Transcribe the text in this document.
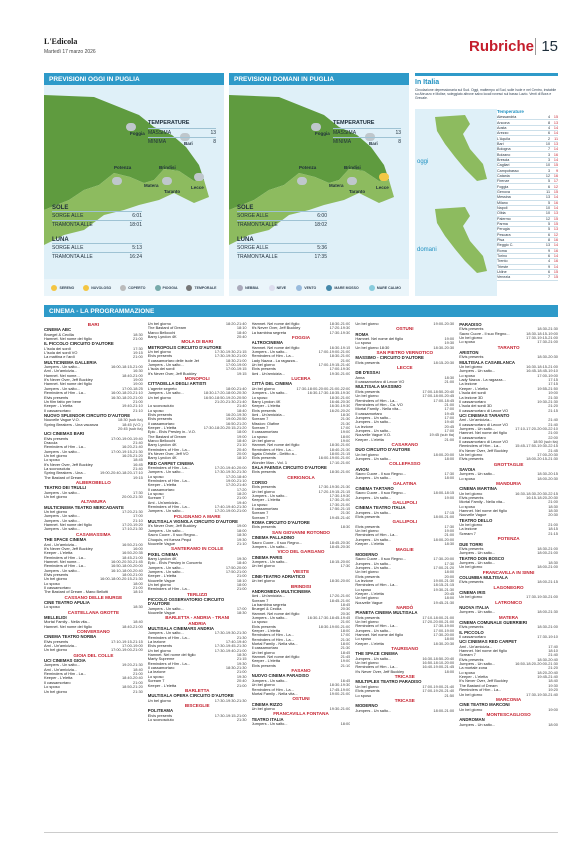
L'Edicola
Martedì 17 marzo 2026	Rubriche 15
PREVISIONI OGGI IN PUGLIA
Foggia
Bari
Potenza	Brindisi
Matera
Taranto
Lecce
TEMPERATURE
MASSIMA	13
MINIMA	8
SOLE
SORGE ALLE	6:01
TRAMONTA ALLE	18:01
LUNA
SORGE ALLE	5:13
TRAMONTA ALLE	16:24
SERENO	NUVOLOSO	COPERTO	PIOGGIA	TEMPORALE
PREVISIONI DOMANI IN PUGLIA
Foggia
Bari
Potenza	Brindisi
Matera
Taranto
Lecce
TEMPERATURE
MASSIMA	13
MINIMA	8
SOLE
SORGE ALLE	6:00
TRAMONTA ALLE	18:02
LUNA
SORGE ALLE	5:36
TRAMONTA ALLE	17:35
NEBBIA	NEVE	VENTO	MARE MOSSO	MARE CALMO
In Italia
Circolazione depressionaria sul Sud. Oggi, maltempo al Sud, sulle Isole e nel Centro, instabile su Abruzzo e Molise, soleggiato altrove salvo locali rovesci sul basso Lazio. Venti di Bora e Grecale.
oggi
domani
Temperature
Alessandria	4	15
Ancona	8	13
Aosta	4	14
Arezzo	6	14
L'Aquila	2	11
Bari	10	13
Bologna	7	14
Bolzano	3	16
Brescia	3	14
Cagliari	10	15
Campobasso	3	9
Catania	12	16
Firenze	5	17
Foggia	6	12
Genova	11	15
Messina	13	14
Milano	5	16
Napoli	10	14
Olbia	10	13
Palermo	12	15
Parma	5	15
Perugia	5	13
Pescara	6	12
Pisa	8	16
Reggio C.	13	14
Roma	9	16
Torino	6	14
Trento	4	16
Trieste	9	14
Udine	6	15
Venezia	7	15
CINEMA - LA PROGRAMMAZIONE
BARI
CINEMA ABC
Bruegel & Cecilia	18:30
Hamnet. Nel nome del figlio	21:00
IL PICCOLO CIRCUITO D'AUTORE
L'isola dei sordi	17:30
L'isola dei sordi VO	19:15
La mattina e l'ardi	21:00
MULTICINEMA GALLERIA
Jumpers - Un salto...	16:00-18:15-21:00
Ami - Un'amicizia...	16:30
Hamnet. Nel nome...	18:40-21:00
It's Never Over, Jeff Buckley	19:00
Hamnet. Nel nome del figlio	19:00
Jumpers - Un salto...	17:00-18:25
Reminders of Him - La...	16:00-18:20-21:10
Elvis presents	16:30-18:20-21:00
Un film fatto per bene	21:00
Keeper - L'eletta	19:40-21:10
Il cassamortaro	21:10
NUOVO SPLENDOR CIRCUITO D'AUTORE
Nouvelle Vague V.O.	18:30 (sub ita)
Spring Breakers - Una vacanza	18:45 (V.O.)
20:45 (sub ita)
UCI CINEMAS BARI
Elvis presents	17:00-19:00-19:40
Dracula	21:40
Reminders of Him - La...	16:20-21:40
Jumpers - Un salto...	17:00-19:15-21:30
Un bel giorno	16:25-21:20
Lo sposo	18:45
It's Never Over, Jeff Buckley	16:45
La sconosciuta	21:40
Spring Breakers - Una...	19:00-20:40-18:20-17:10
The Bastard of Dream	19:15
ALBEROBELLO
TEATRO DEI TRULLI
Jumpers - Un salto...	17:30
Un bel giorno	20:00-21:30
ALTAMURA
MULTICINEMA TEATRO MERCADANTE
Un bel giorno	17:20-21:30
Jumpers - Un salto...	17:00
Jumpers - Un salto...	21:10
Hamnet. Nel nome del figlio	17:20-19:20
Jumpers - Un salto...	17:10-21:30
CASAMASSIMA
THE SPACE CINEMA
Ami - Un'amicizia...	16:50-21:00
It's Never Over, Jeff Buckley	16:00
Keeper - L'eletta	16:50-20:35
Reminders of Him - La...	18:45-21:00
Hamnet. Nel nome...	16:00-20:30-21:45
Reminders of Him - La...	16:50-18:00-20:00
Jumpers - Un salto...	16:10-18:00-20:40
Elvis presents	18:00-21:00
Un bel giorno	16:00-18:00-20:15-21:30
Lo sposo	18:00
Il cassamortaro	21:00
The Bastard of Dream - Mano Bellotti	18:10
CASSANO DELLE MURGE
CINE TEATRO APULIA
Lo sposo	18:30
CASTELLANA GROTTE
MELLELIDI
Mortal Family - Nella vita...	18:40
Hamnet. Nel nome del figlio	18:40-21:00
CONVERSANO
CINEMA TEATRO NORBA
Elvis presents	17:10-19:15-21:15
Ami - Un'amicizia...	17:00-19:00
Un bel giorno	17:00-19:00-21:00
GIOIA DEL COLLE
UCI CINEMAS GIOIA
Jumpers - Un salto...	19:20-21:30
Ami - Un'amicizia...	18:40
Reminders of Him - La...	21:00
Keeper - L'eletta	18:40-20:40
Il cassamortaro	21:00
Lo sposo	18:50-21:20
Un bel giorno	21:30
Un bel giorno	18:20-21:40
The Bastard of Dream	18:10
Marco Bellocchi	18:40
Barry Lyndon 4K	20:40
MOLA DI BARI
METROPOLIS CIRCUITO D'AUTORE
Un bel giorno	17:30-19:30-21:15
Elvis presents	17:30-19:30-21:00
Il cassamortaro delle isole Jet	18:30-21:00
Jumpers - Un salto...	17:00-19:00
L'isola dei sordi	17:00-19:15
It's Never Over, Jeff Buckley	19:15
MONOPOLI
CITTADELLA DEGLI ARTISTI
L'agente segreto	18:00-21:40
Jumpers - Un salto...	18:30-17:20-18:00-20:30
Un bel giorno	16:50-18:50-19:20-20:50
21:20-21:30-21:40
Lo sconosciuto	21:40
Lo sposo	18:40
Elvis presents	16:20-19:30
Elvis presents	19:00-20:50
Il cassamortaro	16:50-21:20
Keeper - L'eletta	17:30-18:20-20:15-21:20
Epic - Elvis Presley in...V.O.	18:00
The Bastard of Dream	19:00
Marco Bellocchi	18:40
Barry Lyndon 4K	21:10
Reminders of Him - La...	20:40
It's Never Over, Jeff VO	20:00
Barry Lyndon 4K	18:10
RED CARPET CINEMA
Reminders of Him - La...	17:20-19:40-20:00
Jumpers - Un salto...	17:30-19:30-21:30
Lo sposo	17:20-18:40
Reminders of Him - La...	19:00-21:10
Keeper - L'eletta	17:20-21:40
Il cassamortaro	17:20
Lo sposo	18:20
Scream 7	21:00
Ami - Un'amicizia...	19:40
Reminders of Him - La...	17:40-19:40-21:30
Jumpers - Un salto...	17:20-19:00-21:00
POLIGNANO A MARE
MULTISALA VIGNOLA CIRCUITO D'AUTORE
It's Never Over, Jeff Buckley	19:00
Jumpers - Un salto...	18:00
Sacro Cuore - Il suo Regno...	18:30
Chuquis, mi fuerza Pequi	19:30
Nouvelle Vague	21:10
SANTERAMO IN COLLE
PIXEL CINEMA
Barry Lyndon 4K	19:30
Epic - Elvis Presley in Concerto	18:40
Jumpers - Un salto...	17:50-20:00
Jumpers - Un salto...	17:50-21:00
Keeper - L'eletta	21:00
Nouvelle Vague	18:10
Un bel giorno	18:00
Reminders of Him - La...	21:00
TERLIZZI
PICCOLO OSSERVATORIO CIRCUITO D'AUTORE
Jumpers - Un salto...	17:00
Nouvelle Vague	18:30
BARLETTA - ANDRIA - TRANI
ANDRIA
MULTISALA CINEMARS ANDRIA
Jumpers - Un salto...	17:30-19:30-21:30
Reminders of Him - La...	21:30
La lezione	17:40-19:40
Elvis presents	17:30-19:45-21:30
Un bel giorno	17:30-19:40-21:00
Hamnet. Nel nome del figlio	18:30
Marty Supreme	21:15
Reminders of Him - La...	19:30
Il cassamortaro	18:30-21:30
La lezione	21:00
Lo sposo	19:30
Scream 7	20:40
Keeper - L'eletta	21:00
BARLETTA
MULTISALA OPERA CIRCUITO D'AUTORE
Un bel giorno	17:30-19:30-21:30
BISCEGLIE
POLITEAMA
Elvis presents	17:30-19:15-21:00
Lo sconosciuto	21:30
Hamnet. Nel nome del figlio	18:30-21:00
It's Never Over, Jeff Buckley	17:20-19:30
La bambina segreta	17:30-19:30
FOGGIA
ALTROCINEMA
Hamnet. Nel nome del figlio	16:30-19:15
Jumpers - Un salto...	17:00-19:00-21:00
Reminders of Him - La...	18:30-21:00
Lady Nazca - La ragazza...	21:00
Un bel giorno	17:00-19:15-21:40
Elvis presents	17:00-19:30
Ami - Un'amicizia...	19:30-21:00
LUCERA
CITTÀ DEL CINEMA
Un bel giorno	17:30-18:00-20:00-21:00-22:00
Jumpers - Un salto...	16:30-17:30-18:35-19:30
Lo sposo	18:30-21:00
Barry Lyndon 4K	16:46-20:30
Keeper - L'eletta	16:30-19:30
Elvis presents	16:20-20:20
Ami - Un'amicizia...	18:30
Scream 7	21:30
Mission: Olafine	21:30
Scream 7	17:00
Il cassamortaro	19:00
Lo sposo	18:00
Un bel giorno	19:00
Hamnet. Nel nome del figlio	18:30-21:00
Reminders of Him - La...	18:40-21:30
Agata Christie - Delitto a...	18:00-21:15
Elvis presents	16:00-19:00-21:00
Wonder Man - Vol. 1	17:10-21:00
SALA FAENSA CIRCUITO D'AUTORE
Elvis presents	18:30-21:00
CERIGNOLA
CORSO
Elvis presents	17:30-19:30-21:30
Un bel giorno	17:20-19:15-21:15
Jumpers - Un salto...	17:30-19:30
Keeper - L'eletta	17:30-21:00
Lo sposo	17:30-21:00
Il cassamortaro	17:50-21:15
Scream 7	21:30
Scream 7	19:45-21:40
ROMA CIRCUITO D'AUTORE
Elvis presents	18:30
SAN GIOVANNI ROTONDO
CINEMA PALLADINO
Sacro Cuore - Il suo Regno...	18:45-20:30
Jumpers - Un salto...	18:45-20:30
VICO DEL GARGANO
CINEMA PARIS
Jumpers - Un salto...	18:15-20:00
Un bel giorno	17:30
VIESTE
CINE-TEATRO ADRIATICO
Un bel giorno	18:30-20:00
BRINDISI
ANDROMEDA MULTICINEMA
Ami - Un'amicizia...	17:20-21:00
Scream 7	18:45-21:00
La bambina segreta	18:45
Bruegel & Cecilia	20:30
Hamnet. Nel nome del figlio	20:30
Jumpers - Un salto...	16:30-17:30-18:45-19:45
Lo sposo	21:00
Elvis presents	18:30-19:00-21:00
Keeper - L'eletta	18:00
Reminders of Him - La...	17:00
Reminders of Him - La...	21:30
Mortal Family - Nella vita...	18:00
Il cassamortaro	21:30
Un bel giorno	18:45
Hamnet. Nel nome del figlio	21:45
Keeper - L'eletta	19:00
Elvis presents	21:10
FASANO
NUOVO CINEMA PARADISO
Jumpers - Un salto...	16:45
Un bel giorno	18:30-19:30
Reminders of Him - La...	17:45-19:00
Mortal Family - Nella vita...	19:00-21:00
OSTUNI
CINEMA RIZZO
Un bel giorno	19:30-21:00
FRANCAVILLA FONTANA
TEATRO ITALIA
Jumpers - Un salto...	18:00
Un bel giorno	19:00-20:30
OSTUNI
ROMA
Hamnet. Nel nome del figlio	19:00
Lo sposo	19:30
Un bel giorno 18:30	18:30-20:30
SAN PIETRO VERNOTICO
MASSIMO - CIRCUITO D'AUTORE
Elvis presents	18:15-20:30
LECCE
DB D'ESSAI
Anna	18:30
Il cassamortaro di Lecce VO	21:00
MULTISALA MASSIMO
Elvis presents	17:00-18:50-20:40
Un bel giorno	17:00-18:00-20:45
Reminders of Him - La...	17:00-18:45
Reminders of Him - Ca. VO	21:00
Mortal Family - Nella vita...	17:00
Il cassamortaro	19:45
Jumpers - Un salto...	17:00
Jumpers - Un salto...	19:40
La lezione	20:45
Jumpers - Un salto...	17:00
Nouvelle Vague V.O.	19:45 (sub ita)
Keeper - L'eletta	21:00
CASARANO
DUO CIRCUITO D'AUTORE
Un bel giorno	18:00-20:00
Jumpers - Un salto...	18:00
COLLEPASSO
AVION
Sacro Cuore - Il suo Regno...	17:30
Jumpers - Un salto...	18:00
GALATINA
CINEMA TARTARO
Sacro Cuore - Il suo Regno...	18:00-18:15
Jumpers - Un salto...	19:00
GALLIPOLI
CINEMA TEATRO ITALIA
Jumpers - Un salto...	17:15
Elvis presents	18:00-21:00
GALLIPOLI
Elvis presents	17:30
Un bel giorno	19:00
Reminders of Him - La...	21:00
Jumpers - Un salto...	18:00-20:00
Keeper - L'eletta	18:30
MAGLIE
MODERNO
Sacro Cuore - Il suo Regno...	17:30-20:00
Jumpers - Un salto...	17:30
Jumpers - Un salto...	17:00-21:20
Un bel giorno	18:00
Elvis presents	20:00
La lezione	19:00-21:30
Reminders of Him - La...	18:15-21:15
Lo sposo	19:30-21:30
Keeper - L'eletta	20:45
Un bel giorno	18:00
Nouvelle Vague	19:45-21:30
NARDÒ
PIANETA CINEMA MULTISALA
Elvis presents	17:10-18:00-21:00
Un bel giorno	17:20-20:00-21:00
Reminders of Him - La...	17:30-19:00
Jumpers - Un salto...	17:00-19:00
Hamnet. Nel nome del figlio	17:30-20:00
Lo sposo	18:00
Keeper - L'eletta	18:30-20:30
TAURISANO
THE SPACE CINEMA
Jumpers - Un salto...	16:30-18:50-20:40
Un bel giorno	16:50-18:10-20:00
Reminders of Him - La...	16:40-19:00-21:45
It's Never Over, Jeff Buckley	18:00
TRICASE
MULTIPLEX TEATRO PARADISO
Un bel giorno	17:00-19:00-21:40
Elvis presents	17:00-19:20-21:40
Lo sposo	21:50
TRICASE
MODERNO
Jumpers - Un salto...	18:00-21:00
PARADISO
Elvis presents	18:30-21:30
Sacro Cuore - Il suo Regno...	18:30-18:15-19:00
Un bel giorno	17:30-19:15-21:00
Lo sposo	17:30-21:00
TARANTO
ARISTON
Elvis presents	18:30-20:30
MULTISALA CASABLANCA
Un bel giorno	16:30-18:15-21:00
Jumpers - Un salto...	16:45-18:45-19:10
Lo sposo	17:00-19:00
Lady Nazca - La ragazza...	17:15
La lezione	17:15
Keeper - L'eletta	19:55-21:50
L'isola dei sordi	19:00
La lezione 3D	21:30
Il cassamortaro	19:30-21:30
L'isola dei sordi 3D	21:20
Il cassamortaro di Lecce VO	21:15
UCI CINEMAS TARANTO
Ami - Un'amicizia...	21:40
Il cassamortaro di Lecce VO	21:40
Jumpers - Un salto...	17:10-17:20-20:00-22:10
Hamnet. Nel nome del figlio	21:00
Il cassamortaro	22:00
Il cassamortaro di Lecce VO	18:50 (sub ita)
Reminders of Him - La...	15:45-17:50-19:30-22:15
It's Never Over, Jeff Buckley	21:45
Un bel giorno	17:00-20:30
Elvis presents	18:00-20:15-21:30
GROTTAGLIE
SAVOIA
Jumpers - Un salto...	18:30-20:15
Lo sposo	18:00-20:30
MANDURIA
CINEMA MARTINA
Un bel giorno	16:30-18:30-20:30-22:15
Elvis presents	16:15-18:20-20:30
Mortal Family - Nella vita...	21:00
Lo sposo	18:30
Hamnet. Nel nome del figlio	18:30
Nouvelle Vague	20:30
TEATRO DELLO
Un bel giorno	21:00
La lezione	18:15
Scream 7	21:15
POTENZA
DUE TORRI
Elvis presents	18:30-21:00
Jumpers - Un salto...	18:00-21:00
TEATRO DON BOSCO
Jumpers - Un salto...	18:30
Un bel giorno	18:00-21:00
FRANCAVILLA IN SINNI
COLUMBIA MULTISALA
Elvis presents	18:00-21:15
LAGONEGRO
CINEMA IRIS
Un bel giorno	17:30-19:30-21:00
LATRONICO
NUOVA ITALIA
Jumpers - Un salto...	18:00-21:30
MATERA
CINEMA COMUNALE GUERRIERI
Elvis presents	18:30-21:00
IL PICCOLO
Il cassamortaro	17:30-19:10
UCI CINEMAS RED CARPET
Ami - Un'amicizia...	17:40
Hamnet. Nel nome del figlio	18:10
Scream 7	21:40
Elvis presents	18:30-20:40
Jumpers - Un salto...	16:50-18:20-20:00-21:30
La mortale zona	21:20
Lo sposo	18:20-20:40
Keeper - L'eletta	19:45-21:40
It's Never Over, Jeff Buckley	18:40
The Bastard of Dream	19:30
Reminders of Him - La...	19:20
Un bel giorno	17:30-19:30-21:40
MARCONIA
CINE TEATRO MARCONI
Un bel giorno	19:00
MONTESCAGLIOSO
ANDROMAN
Jumpers - Un salto...	18:00
